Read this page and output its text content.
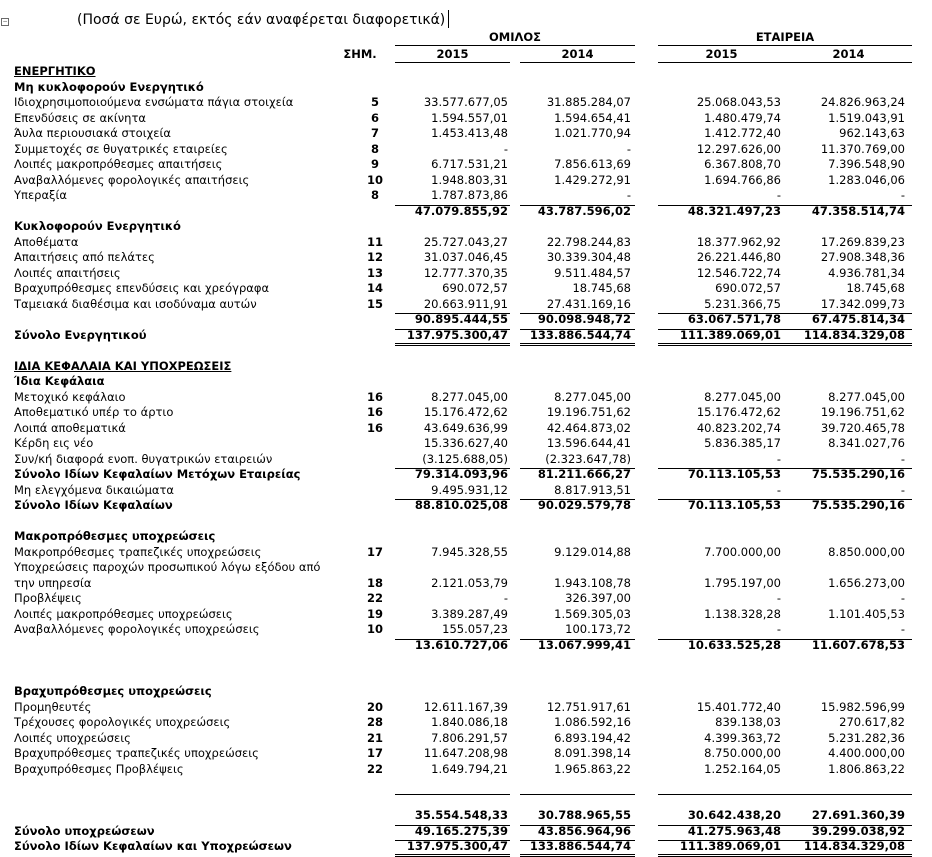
−	(Ποσά σε Ευρώ, εκτός εάν αναφέρεται διαφορετικά)
ΟΜΙΛΟΣ	ΕΤΑΙΡΕΙΑ
ΣΗΜ.	2015	2014	2015	2014
ΕΝΕΡΓΗΤΙΚΟ
Μη κυκλοφορούν Ενεργητικό
Ιδιοχρησιμοποιούμενα ενσώματα πάγια στοιχεία	5	33.577.677,05	31.885.284,07	25.068.043,53	24.826.963,24
Επενδύσεις σε ακίνητα	6	1.594.557,01	1.594.654,41	1.480.479,74	1.519.043,91
Άυλα περιουσιακά στοιχεία	7	1.453.413,48	1.021.770,94	1.412.772,40	962.143,63
Συμμετοχές σε θυγατρικές εταιρείες	8	-	-	12.297.626,00	11.370.769,00
Λοιπές μακροπρόθεσμες απαιτήσεις	9	6.717.531,21	7.856.613,69	6.367.808,70	7.396.548,90
Αναβαλλόμενες φορολογικές απαιτήσεις	10	1.948.803,31	1.429.272,91	1.694.766,86	1.283.046,06
Υπεραξία	8	1.787.873,86	-	-	-
47.079.855,92	43.787.596,02	48.321.497,23	47.358.514,74
Κυκλοφορούν Ενεργητικό
Αποθέματα	11	25.727.043,27	22.798.244,83	18.377.962,92	17.269.839,23
Απαιτήσεις από πελάτες	12	31.037.046,45	30.339.304,48	26.221.446,80	27.908.348,36
Λοιπές απαιτήσεις	13	12.777.370,35	9.511.484,57	12.546.722,74	4.936.781,34
Βραχυπρόθεσμες επενδύσεις και χρεόγραφα	14	690.072,57	18.745,68	690.072,57	18.745,68
Ταμειακά διαθέσιμα και ισοδύναμα αυτών	15	20.663.911,91	27.431.169,16	5.231.366,75	17.342.099,73
90.895.444,55	90.098.948,72	63.067.571,78	67.475.814,34
Σύνολο Ενεργητικού	137.975.300,47	133.886.544,74	111.389.069,01	114.834.329,08
ΙΔΙΑ ΚΕΦΑΛΑΙΑ ΚΑΙ ΥΠΟΧΡΕΩΣΕΙΣ
Ίδια Κεφάλαια
Μετοχικό κεφάλαιο	16	8.277.045,00	8.277.045,00	8.277.045,00	8.277.045,00
Αποθεματικό υπέρ το άρτιο	16	15.176.472,62	19.196.751,62	15.176.472,62	19.196.751,62
Λοιπά αποθεματικά	16	43.649.636,99	42.464.873,02	40.823.202,74	39.720.465,78
Κέρδη εις νέο	15.336.627,40	13.596.644,41	5.836.385,17	8.341.027,76
Συν/κή διαφορά ενοπ. θυγατρικών εταιρειών	(3.125.688,05)	(2.323.647,78)	-	-
Σύνολο Ιδίων Κεφαλαίων Μετόχων Εταιρείας	79.314.093,96	81.211.666,27	70.113.105,53	75.535.290,16
Μη ελεγχόμενα δικαιώματα	9.495.931,12	8.817.913,51	-	-
Σύνολο Ιδίων Κεφαλαίων	88.810.025,08	90.029.579,78	70.113.105,53	75.535.290,16
Μακροπρόθεσμες υποχρεώσεις
Μακροπρόθεσμες τραπεζικές υποχρεώσεις	17	7.945.328,55	9.129.014,88	7.700.000,00	8.850.000,00
Υποχρεώσεις παροχών προσωπικού λόγω εξόδου από
την υπηρεσία	18	2.121.053,79	1.943.108,78	1.795.197,00	1.656.273,00
Προβλέψεις	22	-	326.397,00	-	-
Λοιπές μακροπρόθεσμες υποχρεώσεις	19	3.389.287,49	1.569.305,03	1.138.328,28	1.101.405,53
Αναβαλλόμενες φορολογικές υποχρεώσεις	10	155.057,23	100.173,72	-	-
13.610.727,06	13.067.999,41	10.633.525,28	11.607.678,53
Βραχυπρόθεσμες υποχρεώσεις
Προμηθευτές	20	12.611.167,39	12.751.917,61	15.401.772,40	15.982.596,99
Τρέχουσες φορολογικές υποχρεώσεις	28	1.840.086,18	1.086.592,16	839.138,03	270.617,82
Λοιπές υποχρεώσεις	21	7.806.291,57	6.893.194,42	4.399.363,72	5.231.282,36
Βραχυπρόθεσμες τραπεζικές υποχρεώσεις	17	11.647.208,98	8.091.398,14	8.750.000,00	4.400.000,00
Βραχυπρόθεσμες Προβλέψεις	22	1.649.794,21	1.965.863,22	1.252.164,05	1.806.863,22
35.554.548,33	30.788.965,55	30.642.438,20	27.691.360,39
Σύνολο υποχρεώσεων	49.165.275,39	43.856.964,96	41.275.963,48	39.299.038,92
Σύνολο Ιδίων Κεφαλαίων και Υποχρεώσεων	137.975.300,47	133.886.544,74	111.389.069,01	114.834.329,08
